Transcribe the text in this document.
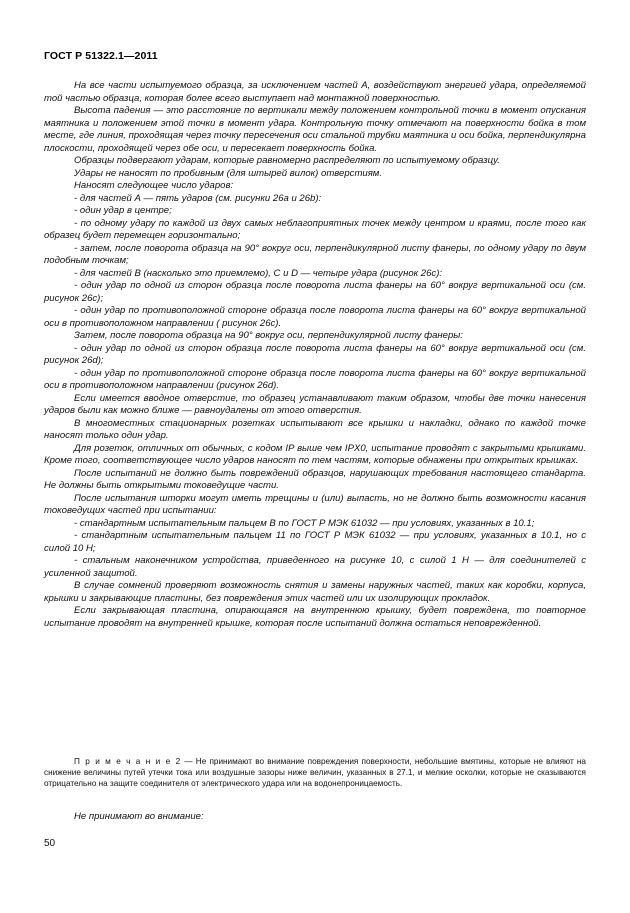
ГОСТ Р 51322.1—2011

На все части испытуемого образца, за исключением частей А, воздействуют энергией удара, определяемой той частью образца, которая более всего выступает над монтажной поверхностью.

Высота падения — это расстояние по вертикали между положением контрольной точки в момент опускания маятника и положением этой точки в момент удара. Контрольную точку отмечают на поверхности бойка в том месте, где линия, проходящая через точку пересечения оси стальной трубки маятника и оси бойка, перпендикулярна плоскости, проходящей через обе оси, и пересекает поверхность бойка.

Образцы подвергают ударам, которые равномерно распределяют по испытуемому образцу.

Удары не наносят по пробивным (для штырей вилок) отверстиям.

Наносят следующее число ударов:

- для частей А — пять ударов (см. рисунки 26а и 26b):

- один удар в центре;

- по одному удару по каждой из двух самых неблагоприятных точек между центром и краями, после того как образец будет перемещен горизонтально;

- затем, после поворота образца на 90° вокруг оси, перпендикулярной листу фанеры, по одному удару по двум подобным точкам;

- для частей В (насколько это приемлемо), С и D — четыре удара (рисунок 26с):

- один удар по одной из сторон образца после поворота листа фанеры на 60° вокруг вертикальной оси (см. рисунок 26с);

- один удар по противоположной стороне образца после поворота листа фанеры на 60° вокруг вертикальной оси в противоположном направлении ( рисунок 26с).

Затем, после поворота образца на 90° вокруг оси, перпендикулярной листу фанеры:

- один удар по одной из сторон образца после поворота листа фанеры на 60° вокруг вертикальной оси (см. рисунок 26d);

- один удар по противоположной стороне образца после поворота листа фанеры на 60° вокруг вертикальной оси в противоположном направлении (рисунок 26d).

Если имеется вводное отверстие, то образец устанавливают таким образом, чтобы две точки нанесения ударов были как можно ближе — равноудалены от этого отверстия.

В многоместных стационарных розетках испытывают все крышки и накладки, однако по каждой точке наносят только один удар.

Для розеток, отличных от обычных, с кодом IP выше чем IPX0, испытание проводят с закрытыми крышками. Кроме того, соответствующее число ударов наносят по тем частям, которые обнажены при открытых крышках.

После испытаний не должно быть повреждений образцов, нарушающих требования настоящего стандарта. Не должны быть открытыми токоведущие части.

После испытания шторки могут иметь трещины и (или) выпасть, но не должно быть возможности касания токоведущих частей при испытании:

- стандартным испытательным пальцем В по ГОСТ Р МЭК 61032 — при условиях, указанных в 10.1;

- стандартным испытательным пальцем 11 по ГОСТ Р МЭК 61032 — при условиях, указанных в 10.1, но с силой 10 Н;

- стальным наконечником устройства, приведенного на рисунке 10, с силой 1 Н — для соединителей с усиленной защитой.

В случае сомнений проверяют возможность снятия и замены наружных частей, таких как коробки, корпуса, крышки и закрывающие пластины, без повреждения этих частей или их изолирующих прокладок.

Если закрывающая пластина, опирающаяся на внутреннюю крышку, будет повреждена, то повторное испытание проводят на внутренней крышке, которая после испытаний должна остаться неповрежденной.

П р и м е ч а н и е 2 — Не принимают во внимание повреждения поверхности, небольшие вмятины, которые не влияют на снижение величины путей утечки тока или воздушные зазоры ниже величин, указанных в 27.1, и мелкие осколки, которые не сказываются отрицательно на защите соединителя от электрического удара или на водонепроницаемость.
Не принимают во внимание:
50
